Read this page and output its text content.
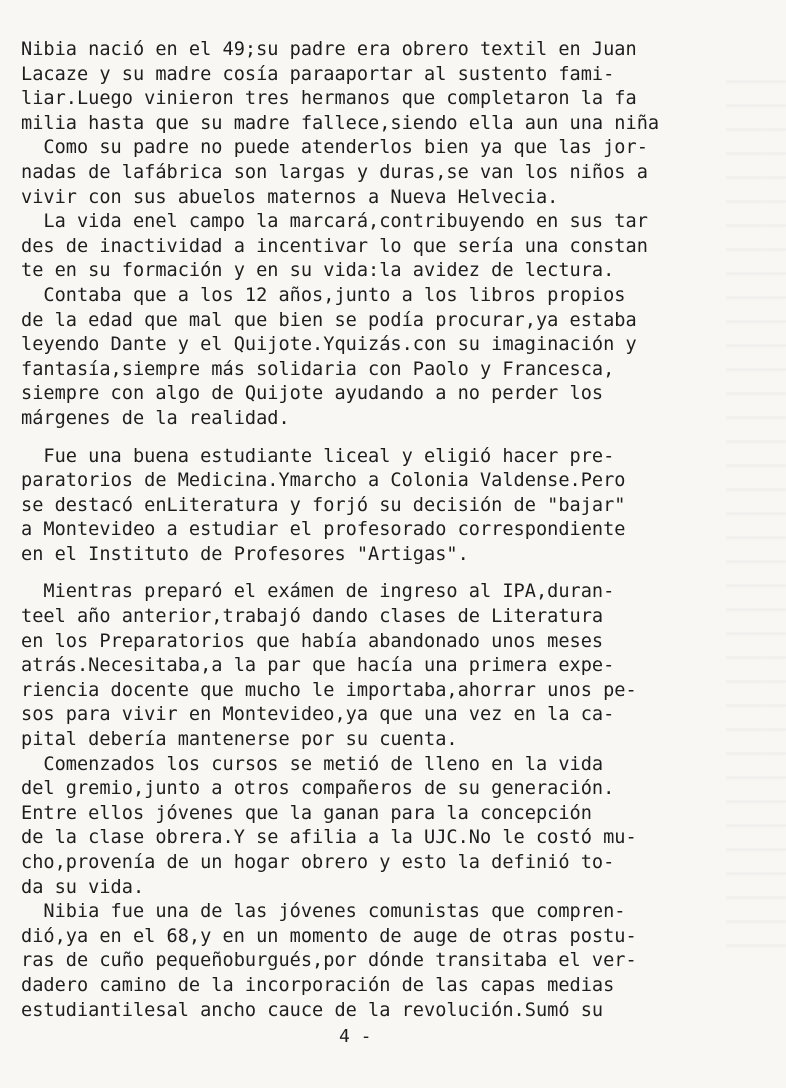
Nibia nació en el 49;su padre era obrero textil en Juan
Lacaze y su madre cosía paraaportar al sustento fami-
liar.Luego vinieron tres hermanos que completaron la fa
milia hasta que su madre fallece,siendo ella aun una niña
Como su padre no puede atenderlos bien ya que las jor-
nadas de lafábrica son largas y duras,se van los niños a
vivir con sus abuelos maternos a Nueva Helvecia.
La vida enel campo la marcará,contribuyendo en sus tar
des de inactividad a incentivar lo que sería una constan
te en su formación y en su vida:la avidez de lectura.
Contaba que a los 12 años,junto a los libros propios
de la edad que mal que bien se podía procurar,ya estaba
leyendo Dante y el Quijote.Yquizás.con su imaginación y
fantasía,siempre más solidaria con Paolo y Francesca,
siempre con algo de Quijote ayudando a no perder los
márgenes de la realidad.
Fue una buena estudiante liceal y eligió hacer pre-
paratorios de Medicina.Ymarcho a Colonia Valdense.Pero
se destacó enLiteratura y forjó su decisión de "bajar"
a Montevideo a estudiar el profesorado correspondiente
en el Instituto de Profesores "Artigas".
Mientras preparó el exámen de ingreso al IPA,duran-
teel año anterior,trabajó dando clases de Literatura
en los Preparatorios que había abandonado unos meses
atrás.Necesitaba,a la par que hacía una primera expe-
riencia docente que mucho le importaba,ahorrar unos pe-
sos para vivir en Montevideo,ya que una vez en la ca-
pital debería mantenerse por su cuenta.
Comenzados los cursos se metió de lleno en la vida
del gremio,junto a otros compañeros de su generación.
Entre ellos jóvenes que la ganan para la concepción
de la clase obrera.Y se afilia a la UJC.No le costó mu-
cho,provenía de un hogar obrero y esto la definió to-
da su vida.
Nibia fue una de las jóvenes comunistas que compren-
dió,ya en el 68,y en un momento de auge de otras postu-
ras de cuño pequeñoburgués,por dónde transitaba el ver-
dadero camino de la incorporación de las capas medias
estudiantilesal ancho cauce de la revolución.Sumó su
4 -
